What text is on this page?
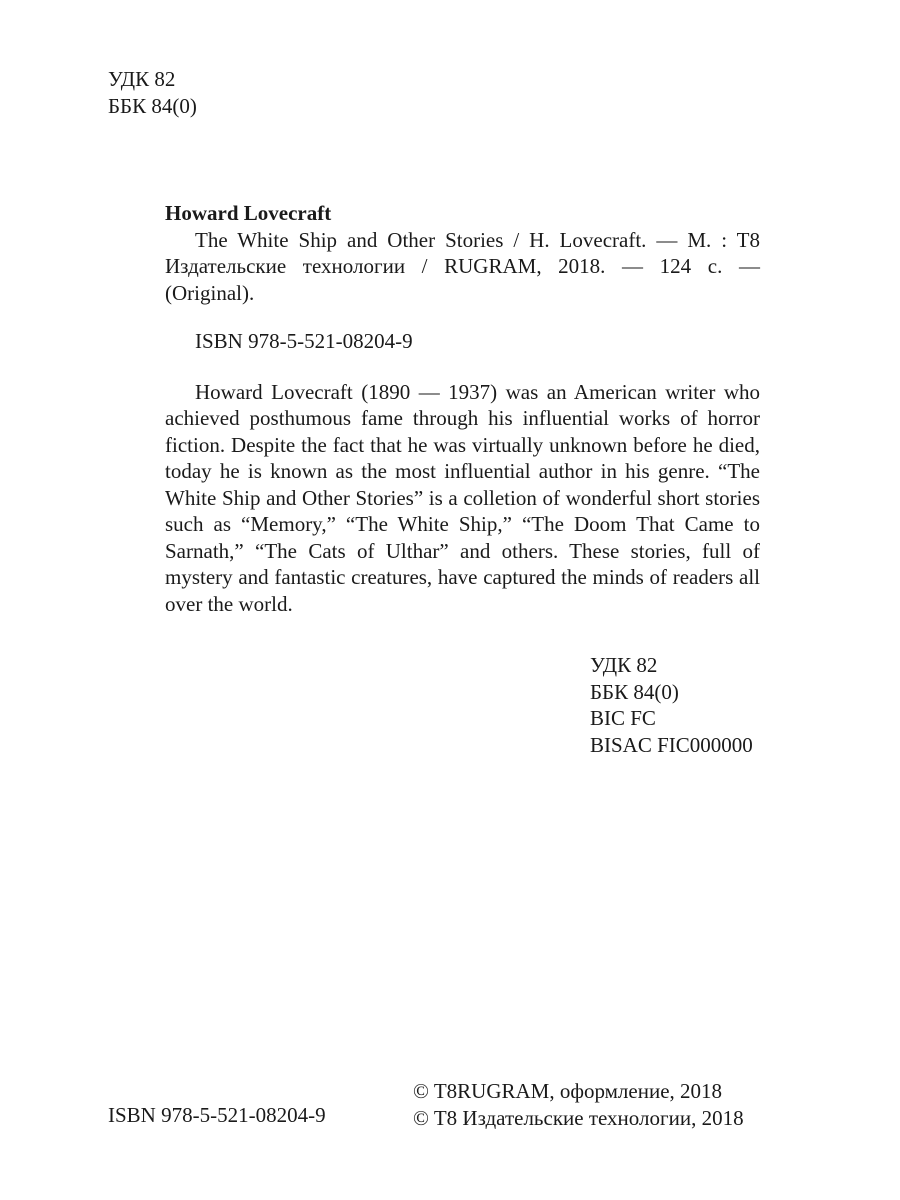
УДК 82
ББК 84(0)

Howard Lovecraft

The White Ship and Other Stories / H. Lovecraft. — M. : T8 Издательские технологии / RUGRAM, 2018. — 124 с. — (Original).

ISBN 978-5-521-08204-9

Howard Lovecraft (1890 — 1937) was an American writer who achieved posthumous fame through his influential works of horror fiction. Despite the fact that he was virtually unknown before he died, today he is known as the most influential author in his genre. “The White Ship and Other Stories” is a colletion of wonderful short stories such as “Memory,” “The White Ship,” “The Doom That Came to Sarnath,” “The Cats of Ulthar” and others. These stories, full of mystery and fantastic creatures, have captured the minds of readers all over the world.

УДК 82
ББК 84(0)
BIC FC
BISAC FIC000000
ISBN 978-5-521-08204-9
© T8RUGRAM, оформление, 2018
© T8 Издательские технологии, 2018
